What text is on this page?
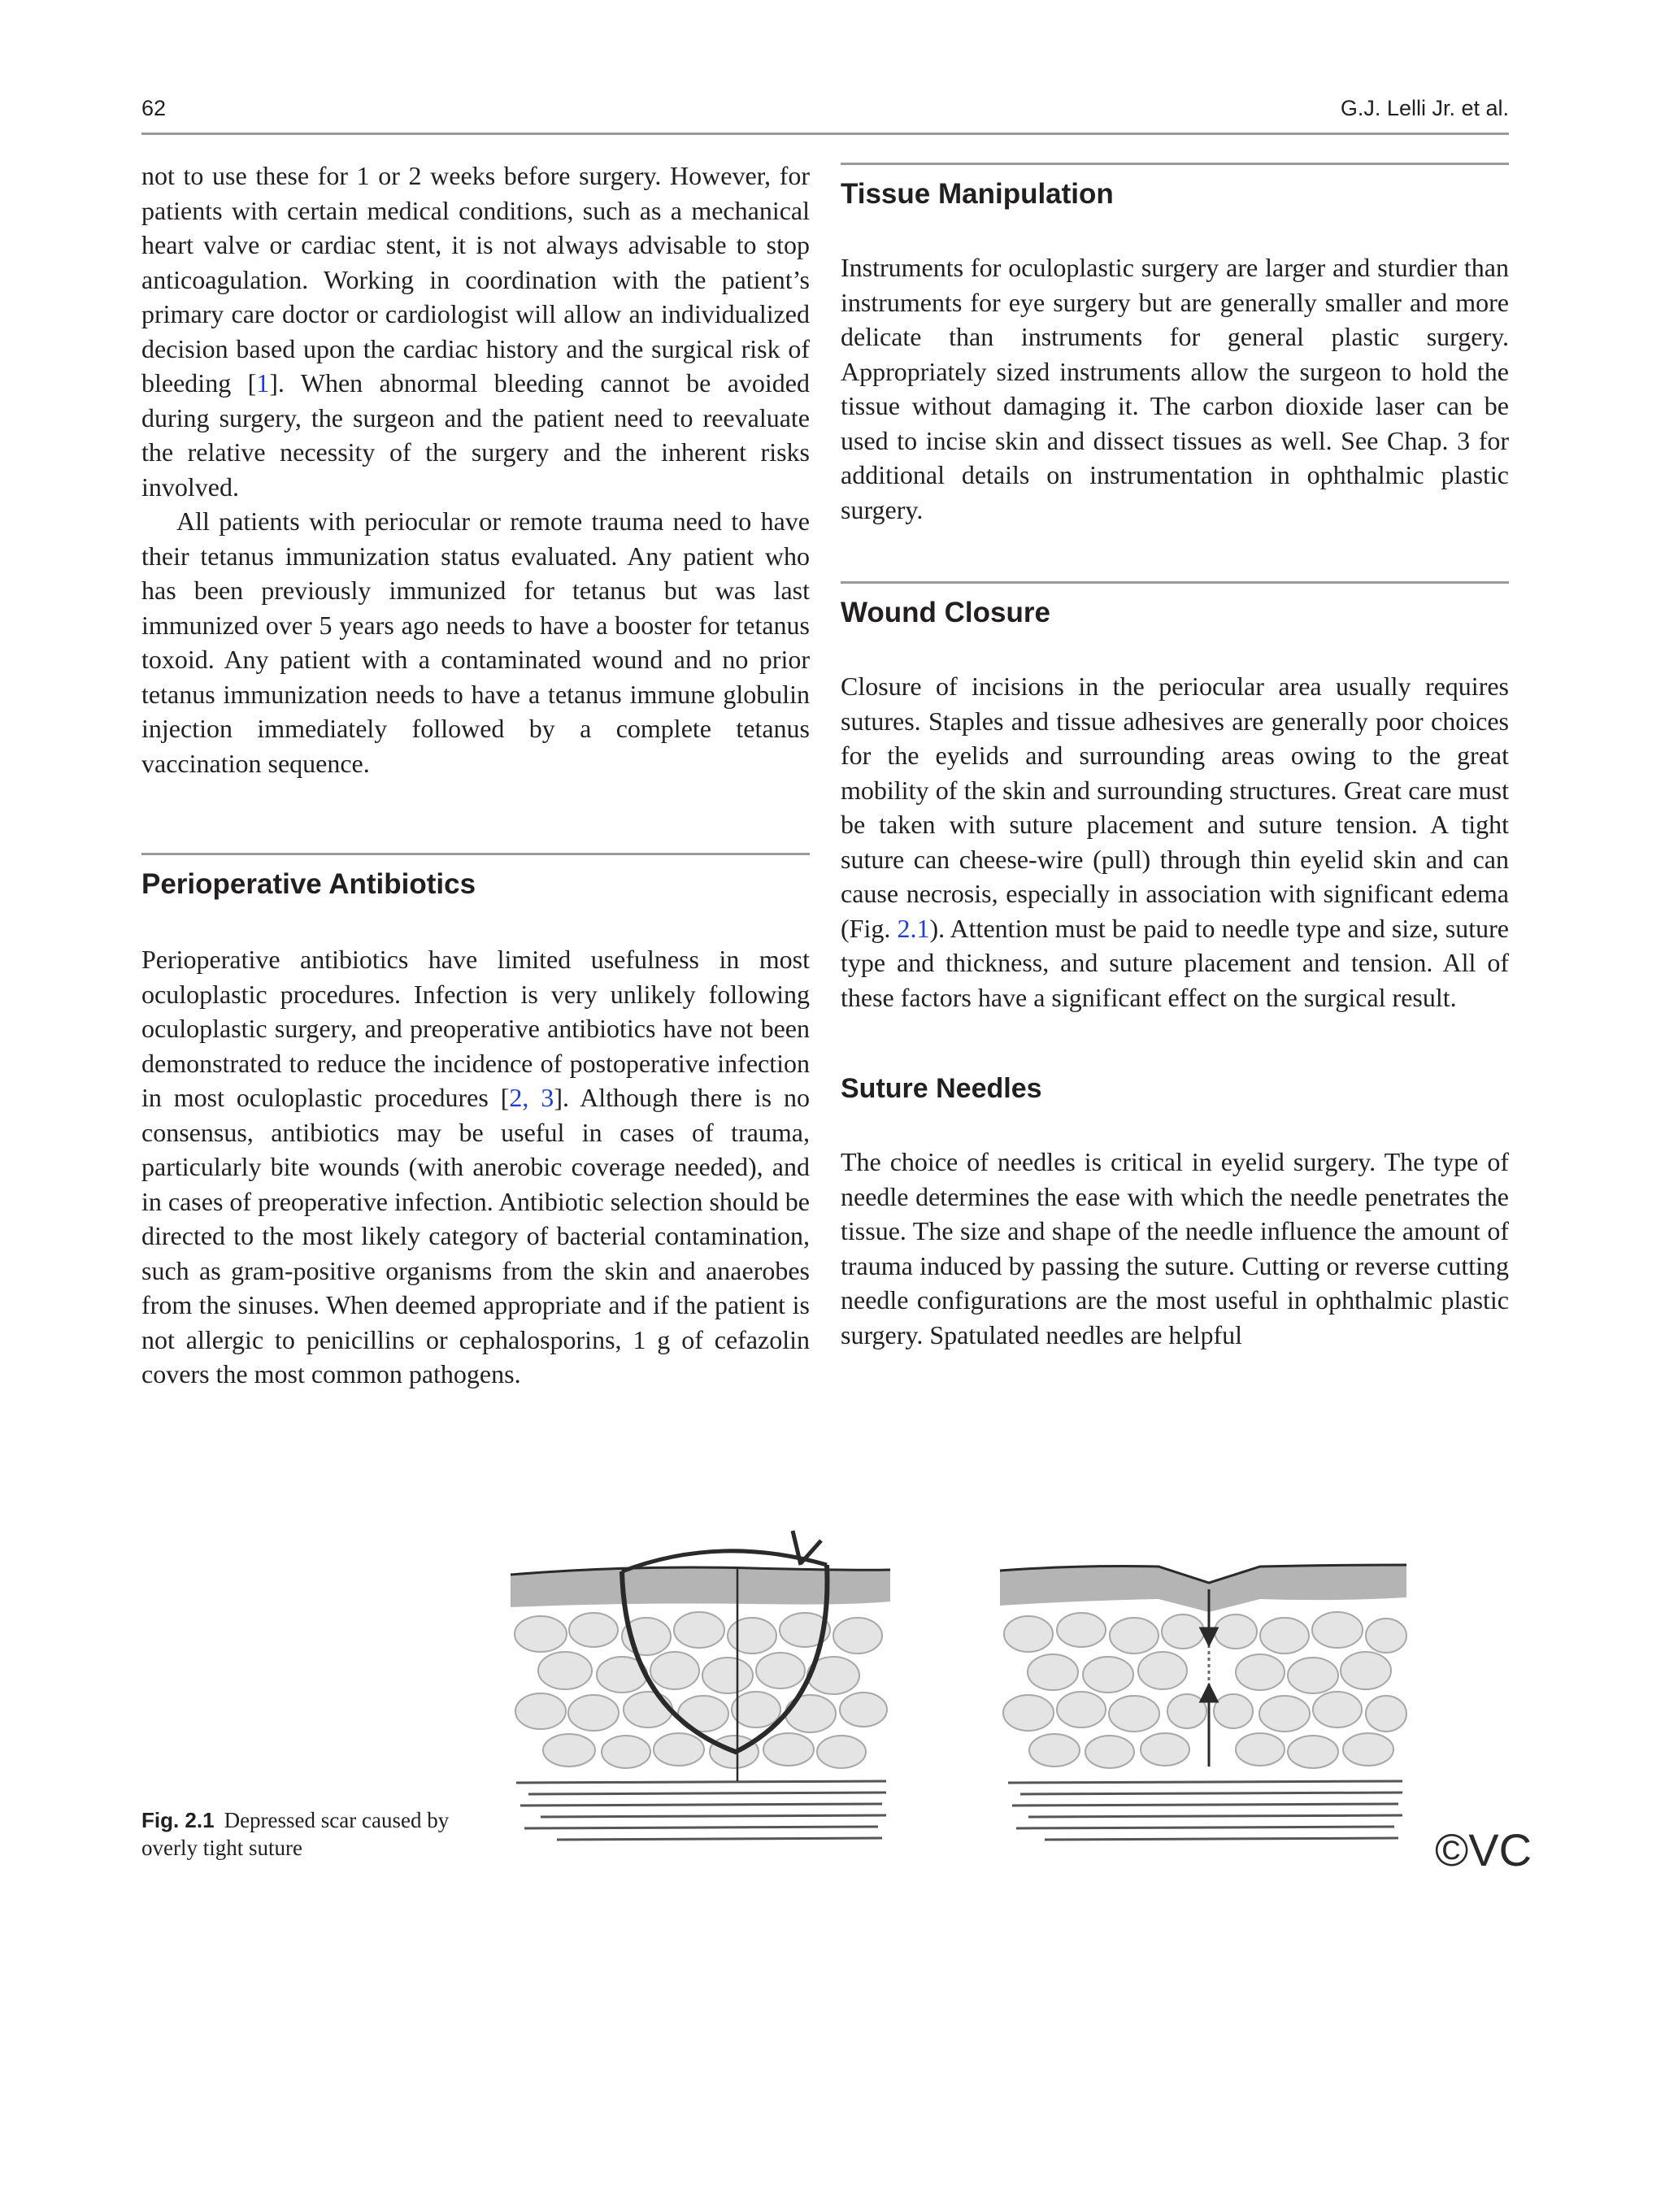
62	G.J. Lelli Jr. et al.

not to use these for 1 or 2 weeks before surgery. However, for patients with certain medical conditions, such as a mechanical heart valve or cardiac stent, it is not always advisable to stop anticoagulation. Working in coordination with the patient’s primary care doctor or cardiologist will allow an individualized decision based upon the cardiac history and the surgical risk of bleeding [1]. When abnormal bleeding cannot be avoided during surgery, the surgeon and the patient need to reevaluate the relative necessity of the surgery and the inherent risks involved.

All patients with periocular or remote trauma need to have their tetanus immunization status evaluated. Any patient who has been previously immunized for tetanus but was last immunized over 5 years ago needs to have a booster for tetanus toxoid. Any patient with a contaminated wound and no prior tetanus immunization needs to have a tetanus immune globulin injection immediately followed by a complete tetanus vaccination sequence.

Perioperative Antibiotics

Perioperative antibiotics have limited usefulness in most oculoplastic procedures. Infection is very unlikely following oculoplastic surgery, and preoperative antibiotics have not been demonstrated to reduce the incidence of postoperative infection in most oculoplastic procedures [2, 3]. Although there is no consensus, antibiotics may be useful in cases of trauma, particularly bite wounds (with anerobic coverage needed), and in cases of preoperative infection. Antibiotic selection should be directed to the most likely category of bacterial contamination, such as gram-positive organisms from the skin and anaerobes from the sinuses. When deemed appropriate and if the patient is not allergic to penicillins or cephalosporins, 1 g of cefazolin covers the most common pathogens.

Tissue Manipulation

Instruments for oculoplastic surgery are larger and sturdier than instruments for eye surgery but are generally smaller and more delicate than instruments for general plastic surgery. Appropriately sized instruments allow the surgeon to hold the tissue without damaging it. The carbon dioxide laser can be used to incise skin and dissect tissues as well. See Chap. 3 for additional details on instrumentation in ophthalmic plastic surgery.

Wound Closure

Closure of incisions in the periocular area usually requires sutures. Staples and tissue adhesives are generally poor choices for the eyelids and surrounding areas owing to the great mobility of the skin and surrounding structures. Great care must be taken with suture placement and suture tension. A tight suture can cheese-wire (pull) through thin eyelid skin and can cause necrosis, especially in association with significant edema (Fig. 2.1). Attention must be paid to needle type and size, suture type and thickness, and suture placement and tension. All of these factors have a significant effect on the surgical result.

Suture Needles

The choice of needles is critical in eyelid surgery. The type of needle determines the ease with which the needle penetrates the tissue. The size and shape of the needle influence the amount of trauma induced by passing the suture. Cutting or reverse cutting needle configurations are the most useful in ophthalmic plastic surgery. Spatulated needles are helpful

Fig. 2.1 Depressed scar caused by overly tight suture	©VC
